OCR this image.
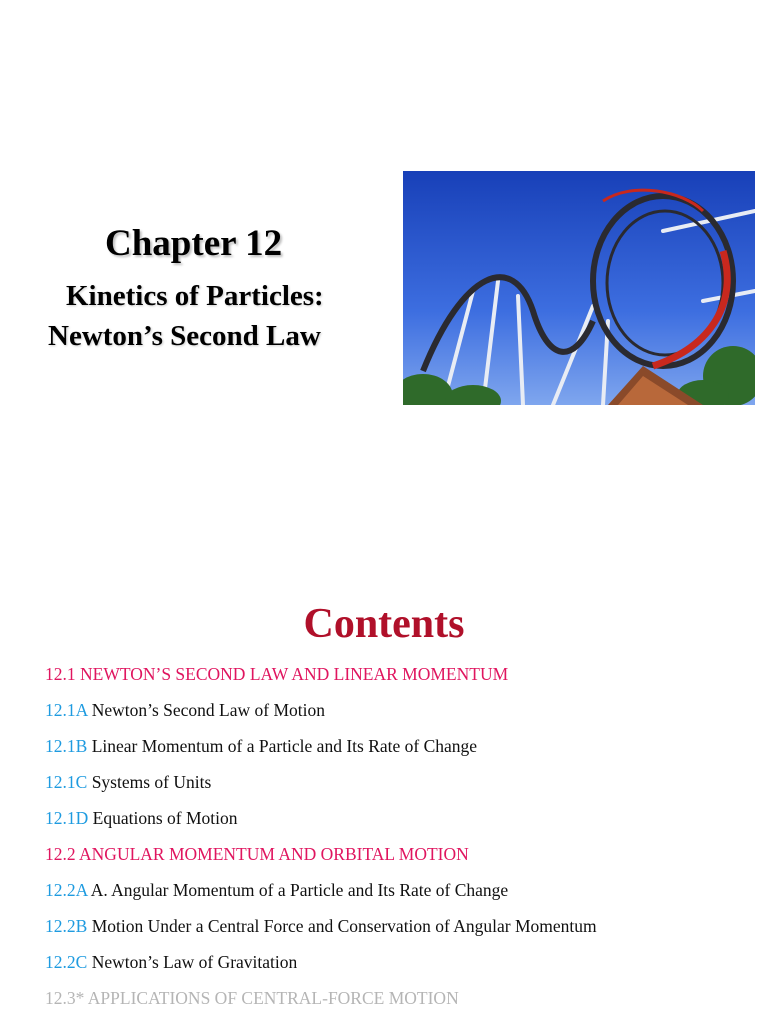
Chapter 12
Kinetics of Particles:
Newton’s Second Law
Contents
12.1 NEWTON’S SECOND LAW AND LINEAR MOMENTUM
12.1A Newton’s Second Law of Motion
12.1B Linear Momentum of a Particle and Its Rate of Change
12.1C Systems of Units
12.1D Equations of Motion
12.2 ANGULAR MOMENTUM AND ORBITAL MOTION
12.2A A. Angular Momentum of a Particle and Its Rate of Change
12.2B Motion Under a Central Force and Conservation of Angular Momentum
12.2C Newton’s Law of Gravitation
12.3* APPLICATIONS OF CENTRAL-FORCE MOTION
